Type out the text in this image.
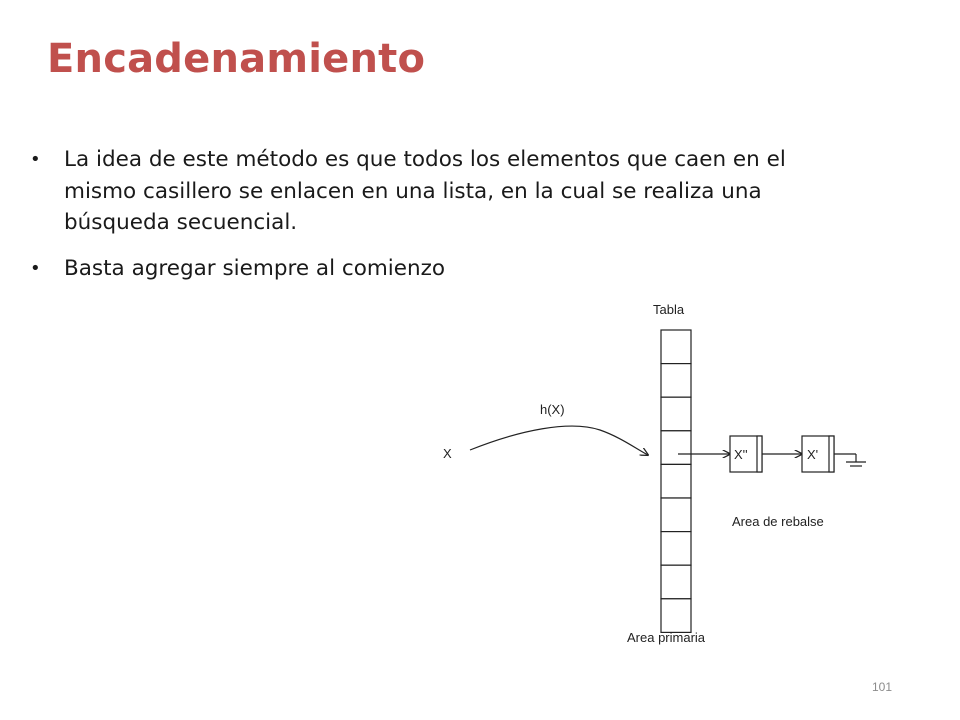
Encadenamiento
• La idea de este método es que todos los elementos que caen en el mismo casillero se enlacen en una lista, en la cual se realiza una búsqueda secuencial.
• Basta agregar siempre al comienzo
Tabla
X
h(X)
X''	X'
Area de rebalse
Area primaria
101
